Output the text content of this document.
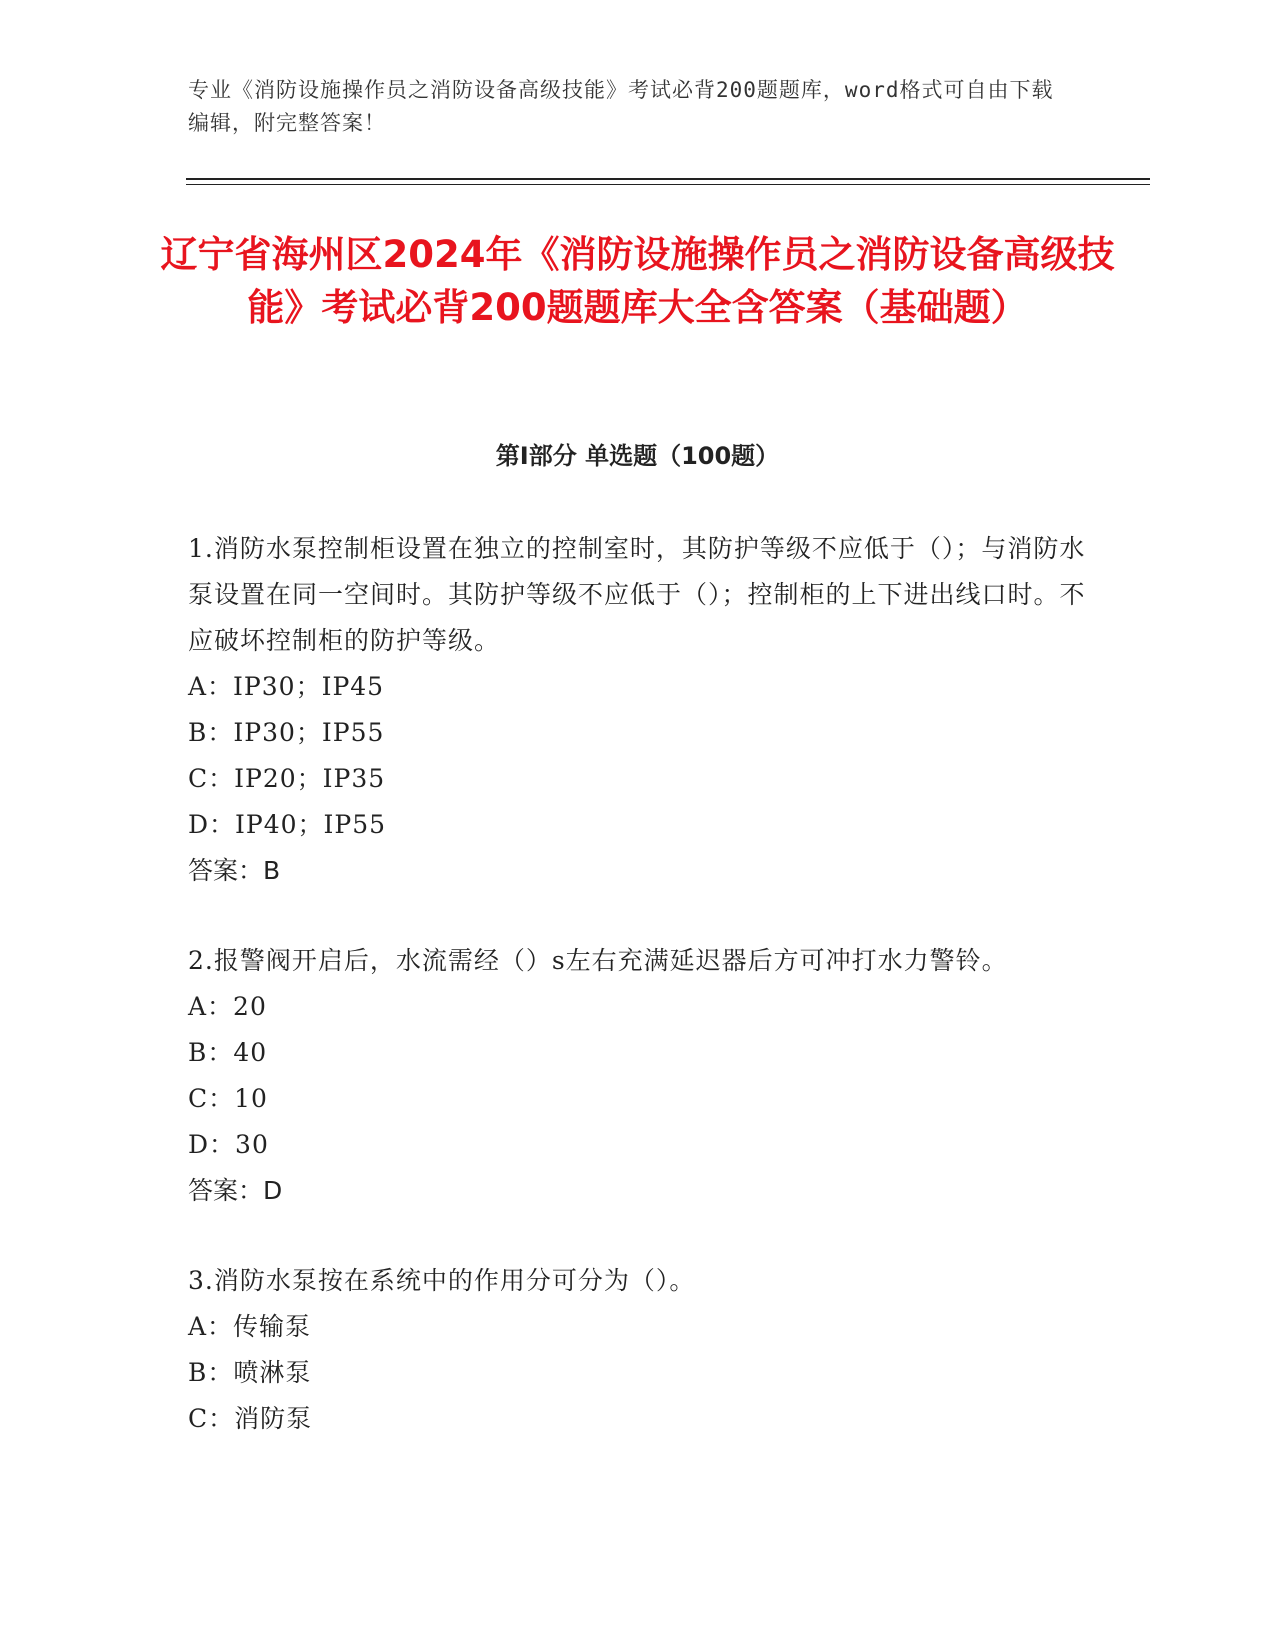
专业《消防设施操作员之消防设备高级技能》考试必背200题题库，word格式可自由下载编辑，附完整答案！
辽宁省海州区2024年《消防设施操作员之消防设备高级技能》考试必背200题题库大全含答案（基础题）
第Ⅰ部分 单选题（100题）
1.消防水泵控制柜设置在独立的控制室时，其防护等级不应低于（）；与消防水泵设置在同一空间时。其防护等级不应低于（）；控制柜的上下进出线口时。不应破坏控制柜的防护等级。
A：IP30；IP45
B：IP30；IP55
C：IP20；IP35
D：IP40；IP55
答案：B
2.报警阀开启后，水流需经（）s左右充满延迟器后方可冲打水力警铃。
A：20
B：40
C：10
D：30
答案：D
3.消防水泵按在系统中的作用分可分为（）。
A：传输泵
B：喷淋泵
C：消防泵
